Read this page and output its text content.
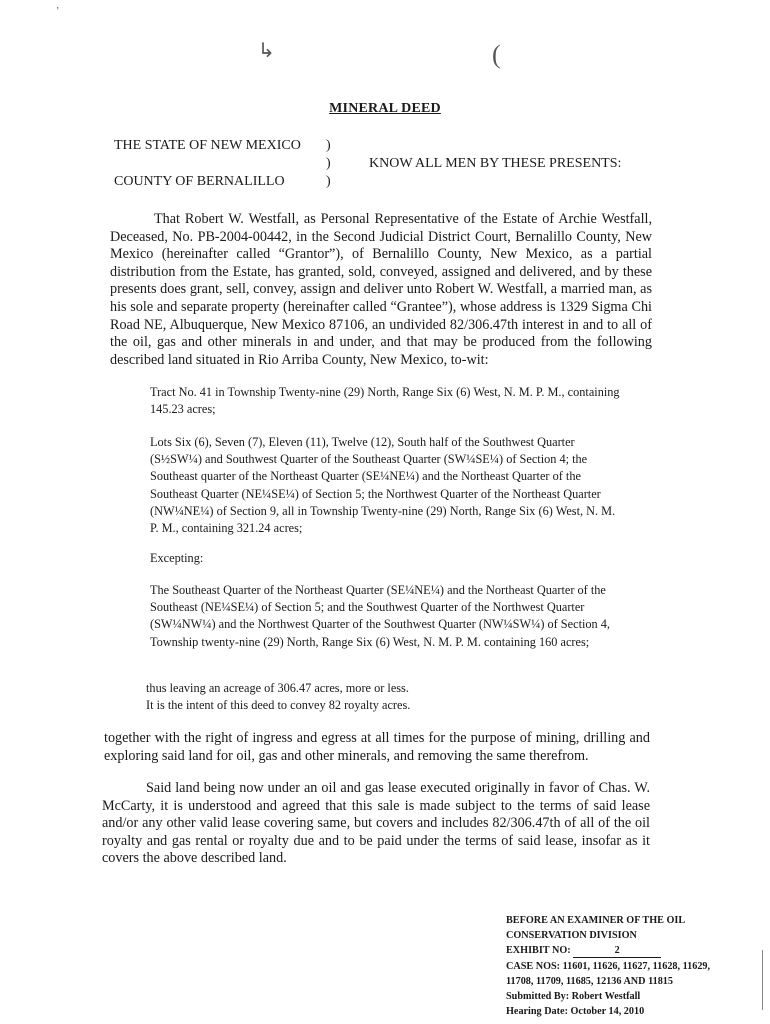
↳	(
’
MINERAL DEED
THE STATE OF NEW MEXICO )
)
)
KNOW ALL MEN BY THESE PRESENTS:
COUNTY OF BERNALILLO

That Robert W. Westfall, as Personal Representative of the Estate of Archie Westfall, Deceased, No. PB-2004-00442, in the Second Judicial District Court, Bernalillo County, New Mexico (hereinafter called “Grantor”), of Bernalillo County, New Mexico, as a partial distribution from the Estate, has granted, sold, conveyed, assigned and delivered, and by these presents does grant, sell, convey, assign and deliver unto Robert W. Westfall, a married man, as his sole and separate property (hereinafter called “Grantee”), whose address is 1329 Sigma Chi Road NE, Albuquerque, New Mexico 87106, an undivided 82/306.47th interest in and to all of the oil, gas and other minerals in and under, and that may be produced from the following described land situated in Rio Arriba County, New Mexico, to-wit:

Tract No. 41 in Township Twenty-nine (29) North, Range Six (6) West, N. M. P. M., containing 145.23 acres;

Lots Six (6), Seven (7), Eleven (11), Twelve (12), South half of the Southwest Quarter (S½SW¼) and Southwest Quarter of the Southeast Quarter (SW¼SE¼) of Section 4; the Southeast quarter of the Northeast Quarter (SE¼NE¼) and the Northeast Quarter of the Southeast Quarter (NE¼SE¼) of Section 5; the Northwest Quarter of the Northeast Quarter (NW¼NE¼) of Section 9, all in Township Twenty-nine (29) North, Range Six (6) West, N. M. P. M., containing 321.24 acres;

Excepting:

The Southeast Quarter of the Northeast Quarter (SE¼NE¼) and the Northeast Quarter of the Southeast (NE¼SE¼) of Section 5; and the Southwest Quarter of the Northwest Quarter (SW¼NW¼) and the Northwest Quarter of the Southwest Quarter (NW¼SW¼) of Section 4, Township twenty-nine (29) North, Range Six (6) West, N. M. P. M. containing 160 acres;

thus leaving an acreage of 306.47 acres, more or less.

It is the intent of this deed to convey 82 royalty acres.

together with the right of ingress and egress at all times for the purpose of mining, drilling and exploring said land for oil, gas and other minerals, and removing the same therefrom.

Said land being now under an oil and gas lease executed originally in favor of Chas. W. McCarty, it is understood and agreed that this sale is made subject to the terms of said lease and/or any other valid lease covering same, but covers and includes 82/306.47th of all of the oil royalty and gas rental or royalty due and to be paid under the terms of said lease, insofar as it covers the above described land.

BEFORE AN EXAMINER OF THE OIL
CONSERVATION DIVISION
EXHIBIT NO:	2
CASE NOS: 11601, 11626, 11627, 11628, 11629,
11708, 11709, 11685, 12136 AND 11815
Submitted By: Robert Westfall
Hearing Date: October 14, 2010
